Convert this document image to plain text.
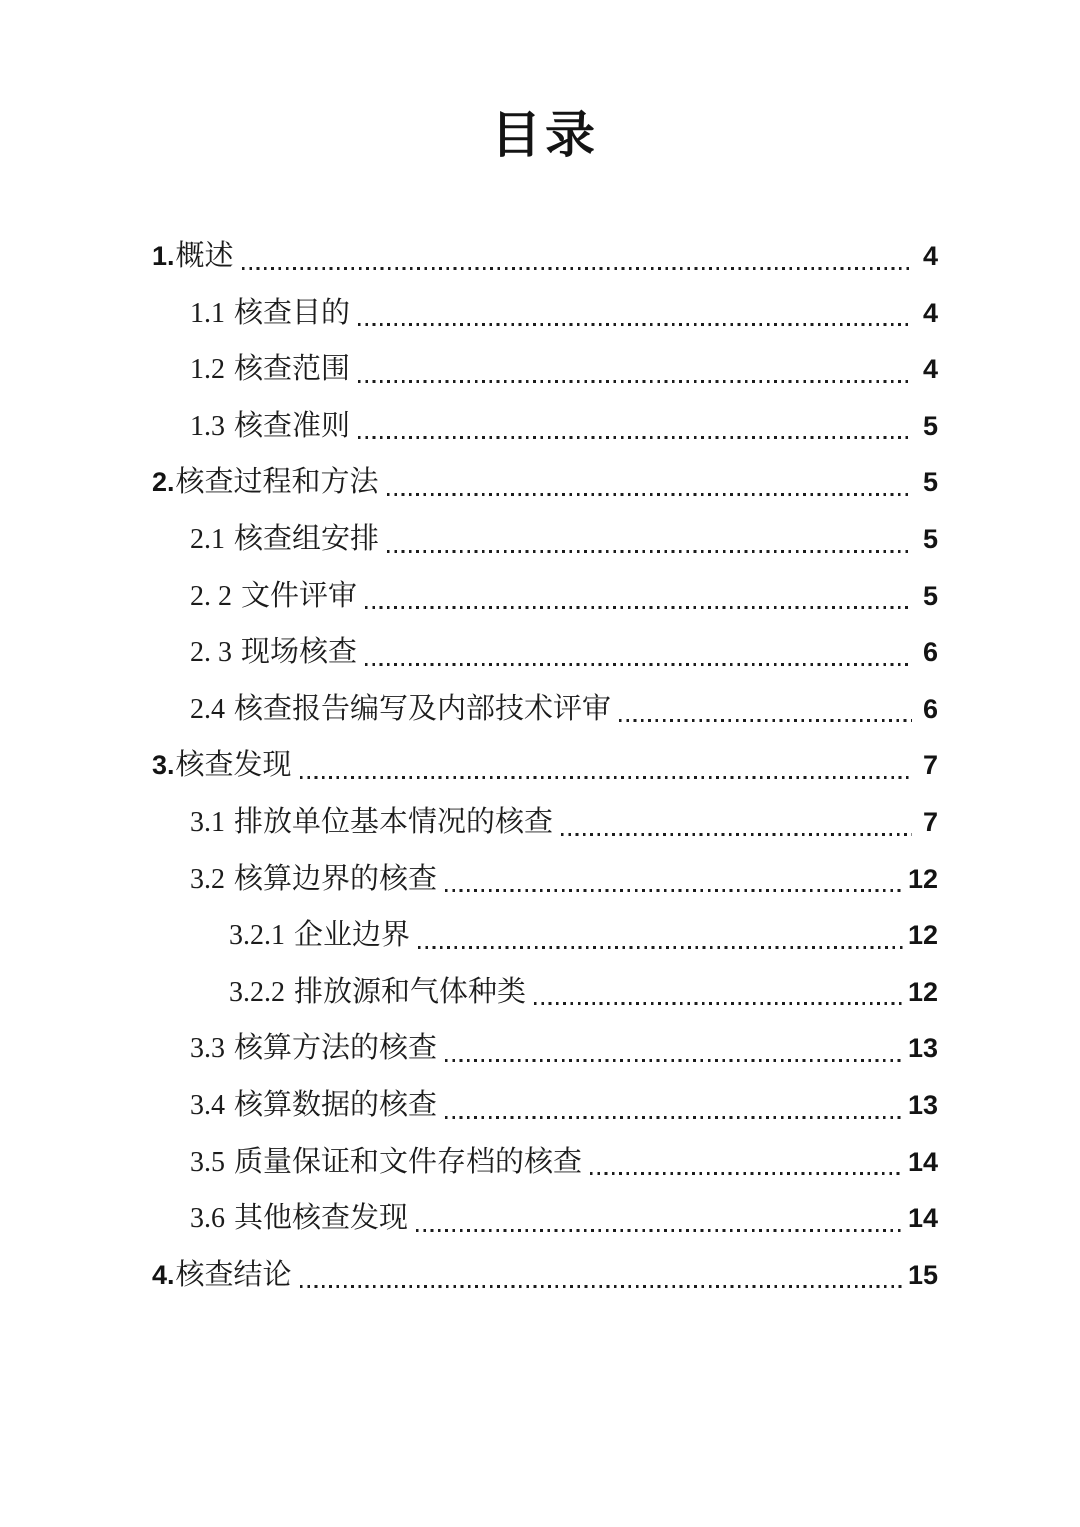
目录
1. 概述	4
1.1 核查目的	4
1.2 核查范围	4
1.3 核查准则	5
2. 核查过程和方法	5
2.1 核查组安排	5
2. 2 文件评审	5
2. 3 现场核查	6
2.4 核查报告编写及内部技术评审	6
3. 核查发现	7
3.1 排放单位基本情况的核查	7
3.2 核算边界的核查	12
3.2.1 企业边界	12
3.2.2 排放源和气体种类	12
3.3 核算方法的核查	13
3.4 核算数据的核查	13
3.5 质量保证和文件存档的核查	14
3.6 其他核查发现	14
4. 核查结论	15
